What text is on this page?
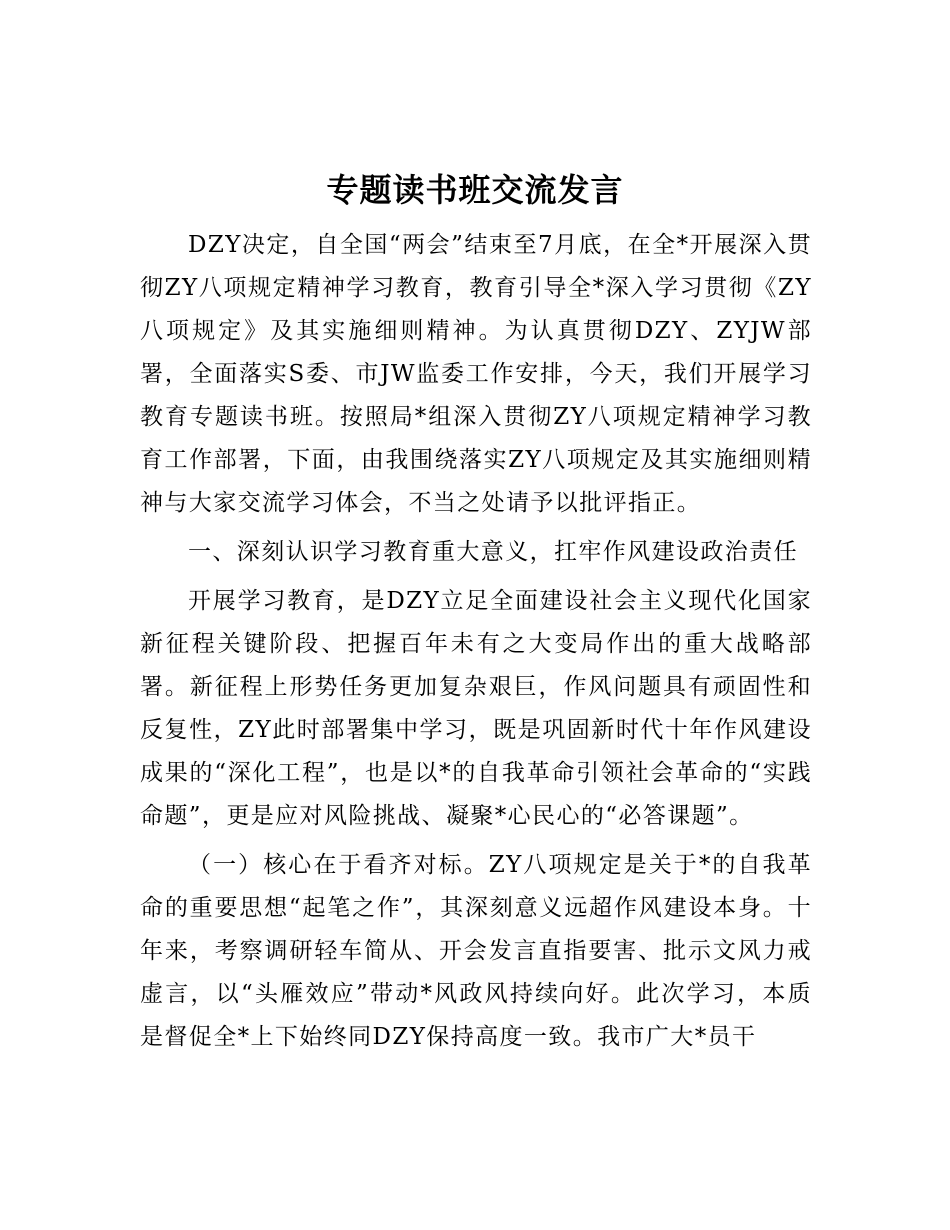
专题读书班交流发言

DZY决定，自全国“两会”结束至7月底，在全*开展深入贯彻ZY八项规定精神学习教育，教育引导全*深入学习贯彻《ZY八项规定》及其实施细则精神。为认真贯彻DZY、ZYJW部署，全面落实S委、市JW监委工作安排，今天，我们开展学习教育专题读书班。按照局*组深入贯彻ZY八项规定精神学习教育工作部署，下面，由我围绕落实ZY八项规定及其实施细则精神与大家交流学习体会，不当之处请予以批评指正。

一、深刻认识学习教育重大意义，扛牢作风建设政治责任

开展学习教育，是DZY立足全面建设社会主义现代化国家新征程关键阶段、把握百年未有之大变局作出的重大战略部署。新征程上形势任务更加复杂艰巨，作风问题具有顽固性和反复性，ZY此时部署集中学习，既是巩固新时代十年作风建设成果的“深化工程”，也是以*的自我革命引领社会革命的“实践命题”，更是应对风险挑战、凝聚*心民心的“必答课题”。

（一）核心在于看齐对标。ZY八项规定是关于*的自我革命的重要思想“起笔之作”，其深刻意义远超作风建设本身。十年来，考察调研轻车简从、开会发言直指要害、批示文风力戒虚言，以“头雁效应”带动*风政风持续向好。此次学习，本质是督促全*上下始终同DZY保持高度一致。我市广大*员干
